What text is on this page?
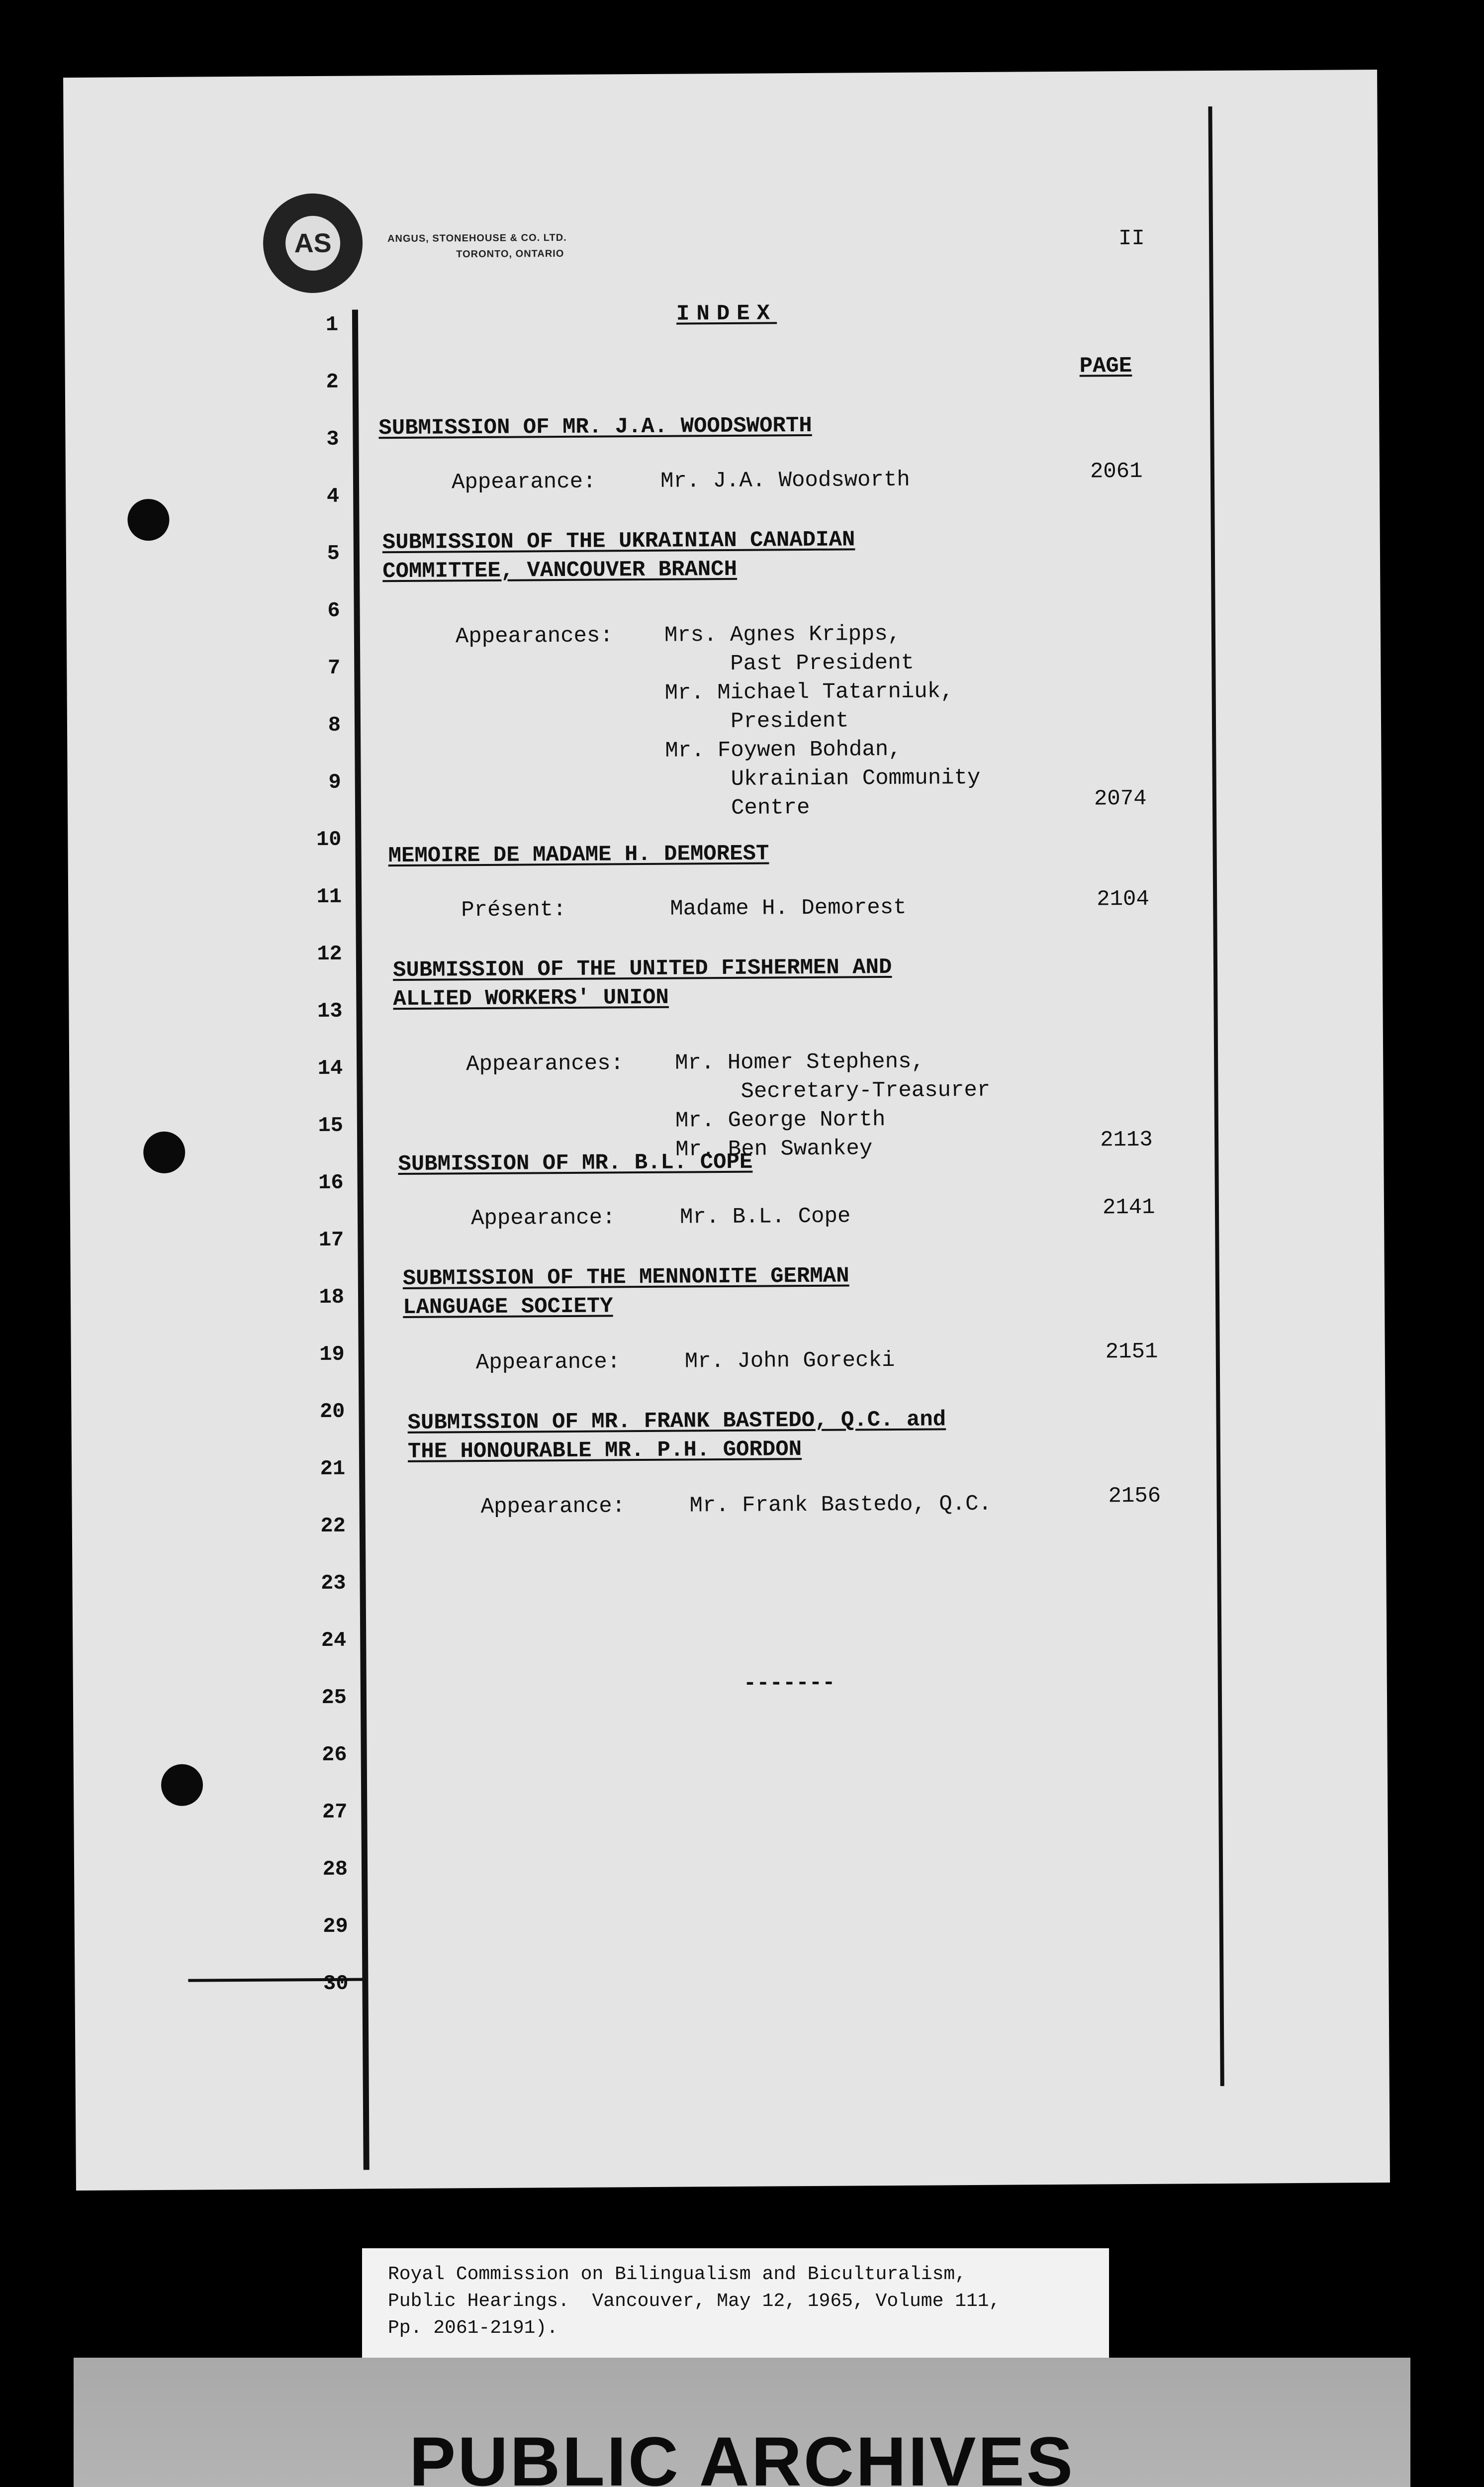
AS	ANGUS, STONEHOUSE & CO. LTD.
TORONTO, ONTARIO
II
1
2
3
4
5
6
7
8
9
10
11
12
13
14
15
16
17
18
19
20
21
22
23
24
25
26
27
28
29
30
INDEX
PAGE
SUBMISSION OF MR. J.A. WOODSWORTH
Appearance:	Mr. J.A. Woodsworth	2061
SUBMISSION OF THE UKRAINIAN CANADIAN
COMMITTEE, VANCOUVER BRANCH
Appearances: Mrs. Agnes Kripps,
Past President
Mr. Michael Tatarniuk,
President
Mr. Foywen Bohdan,
Ukrainian Community
Centre	2074
MEMOIRE DE MADAME H. DEMOREST
Présent:	Madame H. Demorest	2104
SUBMISSION OF THE UNITED FISHERMEN AND
ALLIED WORKERS' UNION
Appearances: Mr. Homer Stephens,
Secretary-Treasurer
Mr. George North
Mr. Ben Swankey	2113
SUBMISSION OF MR. B.L. COPE
Appearance:	Mr. B.L. Cope	2141
SUBMISSION OF THE MENNONITE GERMAN
LANGUAGE SOCIETY
Appearance:	Mr. John Gorecki	2151
SUBMISSION OF MR. FRANK BASTEDO, Q.C. and
THE HONOURABLE MR. P.H. GORDON
Appearance:	Mr. Frank Bastedo, Q.C.	2156
-------
Royal Commission on Bilingualism and Biculturalism,
Public Hearings.  Vancouver, May 12, 1965, Volume 111,
Pp. 2061-2191).
PUBLIC ARCHIVES
